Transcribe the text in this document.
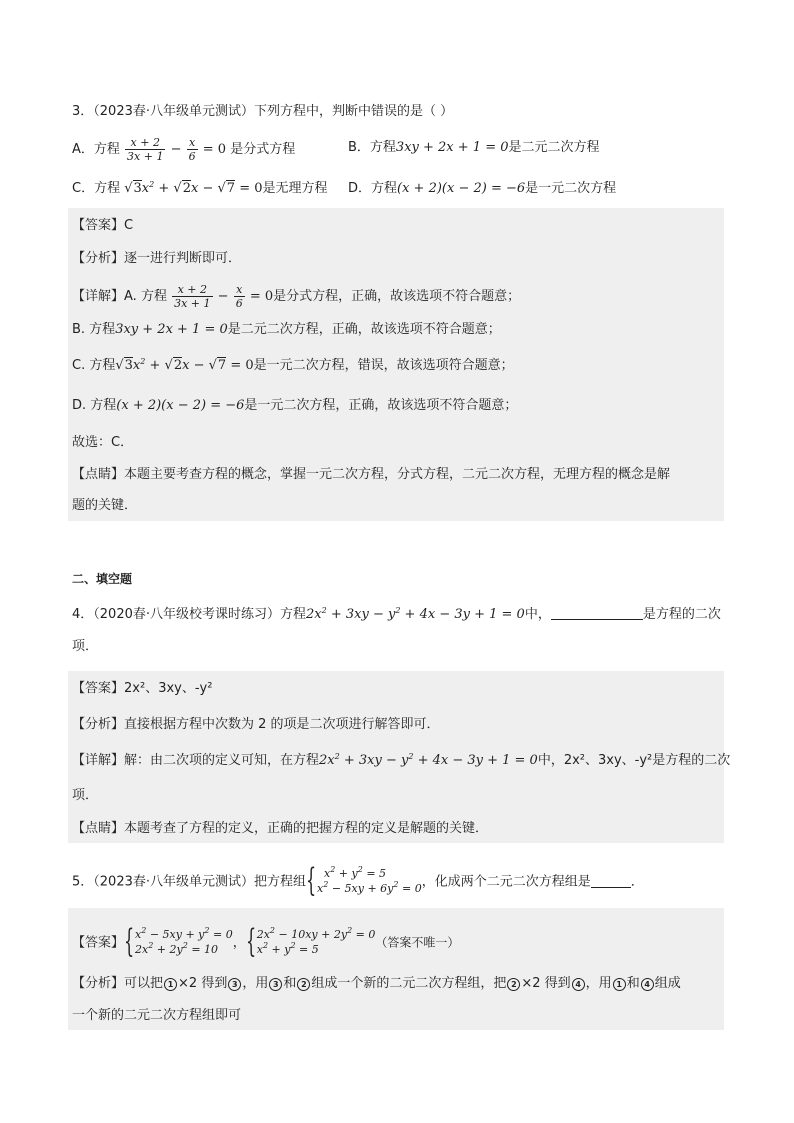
3．（2023春·八年级单元测试）下列方程中，判断中错误的是（ ）
A．方程 $\frac{x + 2}{3x + 1} - \frac{x}{6} = 0$ 是分式方程	B．方程3xy + 2x + 1 = 0是二元二次方程
C．方程 $√3x^2 + √2x - √7 = 0$是无理方程 D．方程(x + 2)(x − 2) = −6是一元二次方程
【答案】C
【分析】逐一进行判断即可．
【详解】A. 方程 $\frac{x + 2}{3x + 1} - \frac{x}{6} = 0$是分式方程，正确，故该选项不符合题意；
B. 方程3xy + 2x + 1 = 0是二元二次方程，正确，故该选项不符合题意；
C. 方程$√3x^2 + √2x - √7 = 0$是一元二次方程，错误，故该选项符合题意；
D. 方程(x + 2)(x − 2) = −6是一元二次方程，正确，故该选项不符合题意；
故选：C．
【点睛】本题主要考查方程的概念，掌握一元二次方程，分式方程，二元二次方程，无理方程的概念是解
题的关键．
二、填空题
4．（2020春·八年级校考课时练习）方程$2x^2 + 3xy - y^2 + 4x - 3y + 1 = 0$中，	是方程的二次
项．
【答案】2x²、3xy、-y²
【分析】直接根据方程中次数为 2 的项是二次项进行解答即可．
【详解】解：由二次项的定义可知，在方程$2x^2 + 3xy - y^2 + 4x - 3y + 1 = 0$中，2x²、3xy、-y²是方程的二次
项．
【点睛】本题考查了方程的定义，正确的把握方程的定义是解题的关键．
5．（2023春·八年级单元测试）把方程组 { $x^2 + y^2 = 5$
$x^2 - 5xy + 6y^2 = 0$，化成两个二元二次方程组是	．
【答案】 { $x^2 - 5xy + y^2 = 0$
$2x^2 + 2y^2 = 10$ ， { $2x^2 - 10xy + 2y^2 = 0$
$x^2 + y^2 = 5$	（答案不唯一）
【分析】可以把 1 ×2 得到 3 ，用 3 和 2 组成一个新的二元二次方程组，把 2 ×2 得到 4 ，用 1 和 4 组成
一个新的二元二次方程组即可
